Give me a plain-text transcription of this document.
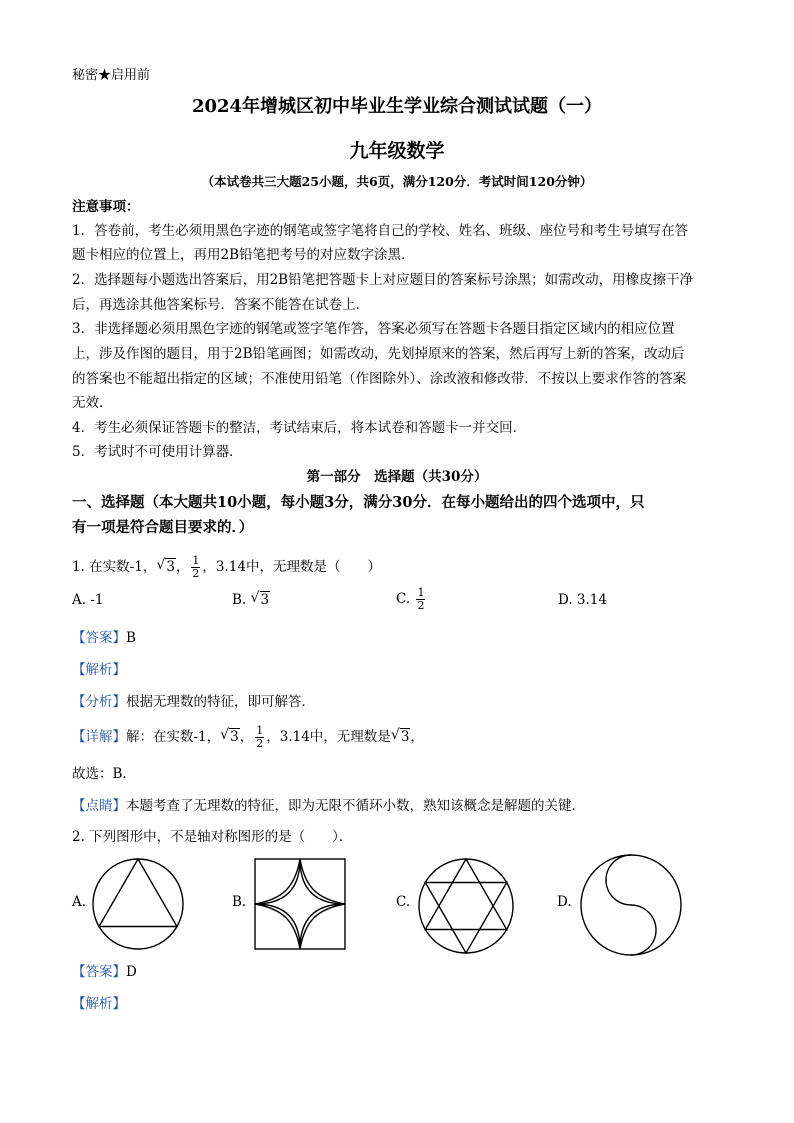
秘密★启用前
2024年增城区初中毕业生学业综合测试试题（一）
九年级数学
（本试卷共三大题25小题，共6页，满分120分．考试时间120分钟）
注意事项：
1．答卷前，考生必须用黑色字迹的钢笔或签字笔将自己的学校、姓名、班级、座位号和考生号填写在答
题卡相应的位置上，再用2B铅笔把考号的对应数字涂黑．
2．选择题每小题选出答案后，用2B铅笔把答题卡上对应题目的答案标号涂黑；如需改动，用橡皮擦干净
后，再选涂其他答案标号．答案不能答在试卷上．
3．非选择题必须用黑色字迹的钢笔或签字笔作答，答案必须写在答题卡各题目指定区域内的相应位置
上，涉及作图的题目，用于2B铅笔画图；如需改动，先划掉原来的答案，然后再写上新的答案，改动后
的答案也不能超出指定的区域；不准使用铅笔（作图除外）、涂改液和修改带．不按以上要求作答的答案
无效．
4．考生必须保证答题卡的整洁，考试结束后，将本试卷和答题卡一并交回．
5．考试时不可使用计算器．
第一部分　选择题（共30分）
一、选择题（本大题共10小题，每小题3分，满分30分．在每小题给出的四个选项中，只
有一项是符合题目要求的．）
1. 在实数-1， √ 3， $\frac{1}{2}$ ，3.14中，无理数是（　　）
A. -1	B. √ 3	C. $\frac{1}{2}$	D. 3.14
【答案】B
【解析】
【分析】根据无理数的特征，即可解答．
【详解】解：在实数-1， √ 3， $\frac{1}{2}$ ，3.14中，无理数是 √ 3，
故选：B．
【点睛】本题考查了无理数的特征，即为无限不循环小数，熟知该概念是解题的关键．
2. 下列图形中，不是轴对称图形的是（　　）．
A.	B.	C.	D.
【答案】D
【解析】
